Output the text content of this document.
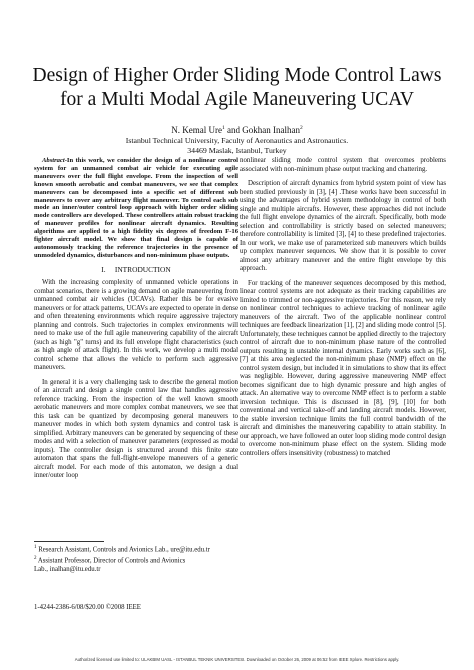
Design of Higher Order Sliding Mode Control Laws
for a Multi Modal Agile Maneuvering UCAV
N. Kemal Ure$^1$ and Gokhan Inalhan$^2$
Istanbul Technical University, Faculty of Aeronautics and Astronautics.
34469 Maslak, Istanbul, Turkey

Abstract-In this work, we consider the design of a nonlinear control system for an unmanned combat air vehicle for executing agile maneuvers over the full flight envelope. From the inspection of well known smooth aerobatic and combat maneuvers, we see that complex maneuvers can be decomposed into a specific set of different sub maneuvers to cover any arbitrary flight maneuver. To control each sub mode an inner/outer control loop approach with higher order sliding mode controllers are developed. These controllers attain robust tracking of maneuver profiles for nonlinear aircraft dynamics. Resulting algorithms are applied to a high fidelity six degrees of freedom F-16 fighter aircraft model. We show that final design is capable of autonomously tracking the reference trajectories in the presence of unmodeled dynamics, disturbances and non-minimum phase outputs.

I. INTRODUCTION

With the increasing complexity of unmanned vehicle operations in combat scenarios, there is a growing demand on agile maneuvering from unmanned combat air vehicles (UCAVs). Rather this be for evasive maneuvers or for attack patterns, UCAVs are expected to operate in dense and often threatening environments which require aggressive trajectory planning and controls. Such trajectories in complex environments will need to make use of the full agile maneuvering capability of the aircraft (such as high "g" turns) and its full envelope flight characteristics (such as high angle of attack flight). In this work, we develop a multi modal control scheme that allows the vehicle to perform such aggressive maneuvers.

In general it is a very challenging task to describe the general motion of an aircraft and design a single control law that handles aggressive reference tracking. From the inspection of the well known smooth aerobatic maneuvers and more complex combat maneuvers, we see that this task can be quantized by decomposing general maneuvers to maneuver modes in which both system dynamics and control task is simplified. Arbitrary maneuvers can be generated by sequencing of these modes and with a selection of maneuver parameters (expressed as modal inputs). The controller design is structured around this finite state automaton that spans the full-flight-envelope maneuvers of a generic aircraft model. For each mode of this automaton, we design a dual inner/outer loop

nonlinear sliding mode control system that overcomes problems associated with non-minimum phase output tracking and chattering.

Description of aircraft dynamics from hybrid system point of view has been studied previously in [3], [4] .These works have been successful in using the advantages of hybrid system methodology in control of both single and multiple aircrafts. However, these approaches did not include the full flight envelope dynamics of the aircraft. Specifically, both mode selection and controllability is strictly based on selected maneuvers; therefore controllability is limited [3], [4] to these predefined trajectories. In our work, we make use of parameterized sub maneuvers which builds up complex maneuver sequences. We show that it is possible to cover almost any arbitrary maneuver and the entire flight envelope by this approach.

For tracking of the maneuver sequences decomposed by this method, linear control systems are not adequate as their tracking capabilities are limited to trimmed or non-aggressive trajectories. For this reason, we rely on nonlinear control techniques to achieve tracking of nonlinear agile maneuvers of the aircraft. Two of the applicable nonlinear control techniques are feedback linearization [1], [2] and sliding mode control [5]. Unfortunately, these techniques cannot be applied directly to the trajectory control of aircraft due to non-minimum phase nature of the controlled outputs resulting in unstable internal dynamics. Early works such as [6], [7] at this area neglected the non-minimum phase (NMP) effect on the control system design, but included it in simulations to show that its effect was negligible. However, during aggressive maneuvering NMP effect becomes significant due to high dynamic pressure and high angles of attack. An alternative way to overcome NMP effect is to perform a stable inversion technique. This is discussed in [8], [9], [10] for both conventional and vertical take-off and landing aircraft models. However, the stable inversion technique limits the full control bandwidth of the aircraft and diminishes the maneuvering capability to attain stability. In our approach, we have followed an outer loop sliding mode control design to overcome non-minimum phase effect on the system. Sliding mode controllers offers insensitivity (robustness) to matched

$^1$ Research Assistant, Controls and Avionics Lab., ure@itu.edu.tr
$^2$ Assistant Professor, Director of Controls and Avionics
Lab., inalhan@itu.edu.tr
1-4244-2386-6/08/$20.00 ©2008 IEEE
Authorized licensed use limited to: ULAKBIM UASL - ISTANBUL TEKNIK UNIVERSITESI. Downloaded on October 26, 2009 at 06:52 from IEEE Xplore. Restrictions apply.
